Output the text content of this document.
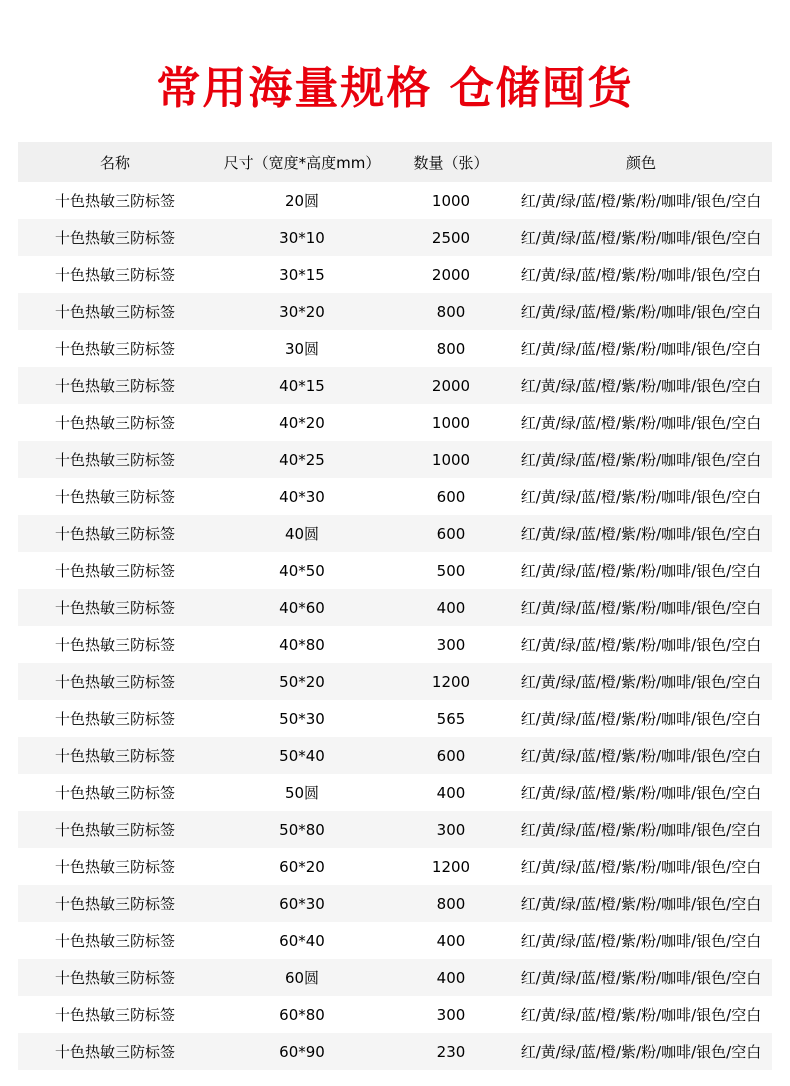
常用海量规格 仓储囤货
名称	尺寸（宽度*高度mm）	数量（张）	颜色
十色热敏三防标签	20圆	1000	红/黄/绿/蓝/橙/紫/粉/咖啡/银色/空白
十色热敏三防标签	30*10	2500	红/黄/绿/蓝/橙/紫/粉/咖啡/银色/空白
十色热敏三防标签	30*15	2000	红/黄/绿/蓝/橙/紫/粉/咖啡/银色/空白
十色热敏三防标签	30*20	800	红/黄/绿/蓝/橙/紫/粉/咖啡/银色/空白
十色热敏三防标签	30圆	800	红/黄/绿/蓝/橙/紫/粉/咖啡/银色/空白
十色热敏三防标签	40*15	2000	红/黄/绿/蓝/橙/紫/粉/咖啡/银色/空白
十色热敏三防标签	40*20	1000	红/黄/绿/蓝/橙/紫/粉/咖啡/银色/空白
十色热敏三防标签	40*25	1000	红/黄/绿/蓝/橙/紫/粉/咖啡/银色/空白
十色热敏三防标签	40*30	600	红/黄/绿/蓝/橙/紫/粉/咖啡/银色/空白
十色热敏三防标签	40圆	600	红/黄/绿/蓝/橙/紫/粉/咖啡/银色/空白
十色热敏三防标签	40*50	500	红/黄/绿/蓝/橙/紫/粉/咖啡/银色/空白
十色热敏三防标签	40*60	400	红/黄/绿/蓝/橙/紫/粉/咖啡/银色/空白
十色热敏三防标签	40*80	300	红/黄/绿/蓝/橙/紫/粉/咖啡/银色/空白
十色热敏三防标签	50*20	1200	红/黄/绿/蓝/橙/紫/粉/咖啡/银色/空白
十色热敏三防标签	50*30	565	红/黄/绿/蓝/橙/紫/粉/咖啡/银色/空白
十色热敏三防标签	50*40	600	红/黄/绿/蓝/橙/紫/粉/咖啡/银色/空白
十色热敏三防标签	50圆	400	红/黄/绿/蓝/橙/紫/粉/咖啡/银色/空白
十色热敏三防标签	50*80	300	红/黄/绿/蓝/橙/紫/粉/咖啡/银色/空白
十色热敏三防标签	60*20	1200	红/黄/绿/蓝/橙/紫/粉/咖啡/银色/空白
十色热敏三防标签	60*30	800	红/黄/绿/蓝/橙/紫/粉/咖啡/银色/空白
十色热敏三防标签	60*40	400	红/黄/绿/蓝/橙/紫/粉/咖啡/银色/空白
十色热敏三防标签	60圆	400	红/黄/绿/蓝/橙/紫/粉/咖啡/银色/空白
十色热敏三防标签	60*80	300	红/黄/绿/蓝/橙/紫/粉/咖啡/银色/空白
十色热敏三防标签	60*90	230	红/黄/绿/蓝/橙/紫/粉/咖啡/银色/空白
